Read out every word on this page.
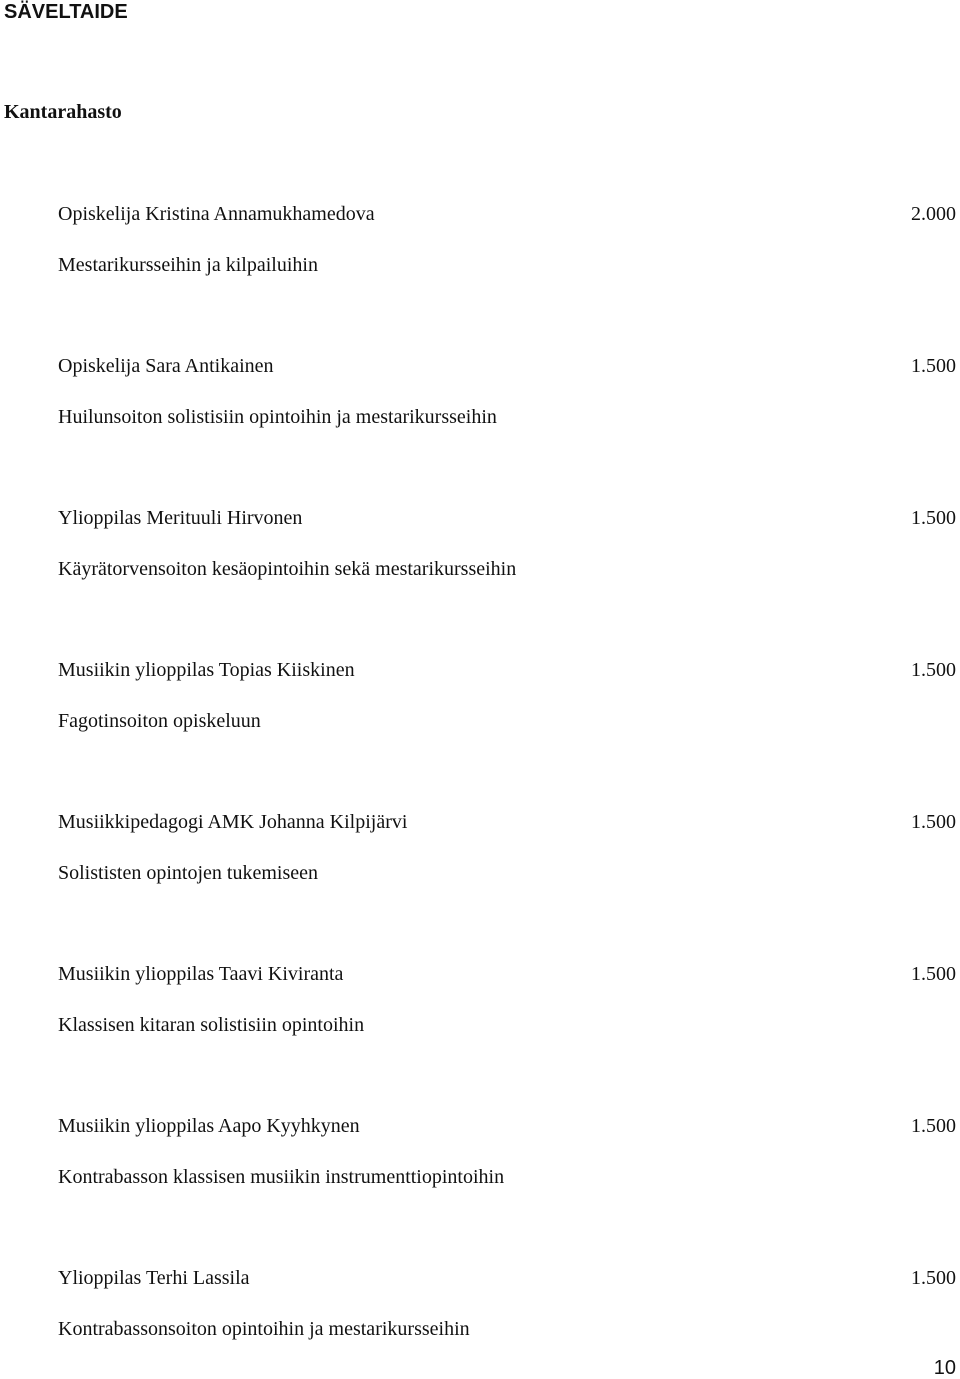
SÄVELTAIDE
Kantarahasto
Opiskelija Kristina Annamukhamedova	2.000
Mestarikursseihin ja kilpailuihin
Opiskelija Sara Antikainen	1.500
Huilunsoiton solistisiin opintoihin ja mestarikursseihin
Ylioppilas Merituuli Hirvonen	1.500
Käyrätorvensoiton kesäopintoihin sekä mestarikursseihin
Musiikin ylioppilas Topias Kiiskinen	1.500
Fagotinsoiton opiskeluun
Musiikkipedagogi AMK Johanna Kilpijärvi	1.500
Solististen opintojen tukemiseen
Musiikin ylioppilas Taavi Kiviranta	1.500
Klassisen kitaran solistisiin opintoihin
Musiikin ylioppilas Aapo Kyyhkynen	1.500
Kontrabasson klassisen musiikin instrumenttiopintoihin
Ylioppilas Terhi Lassila	1.500
Kontrabassonsoiton opintoihin ja mestarikursseihin
10
